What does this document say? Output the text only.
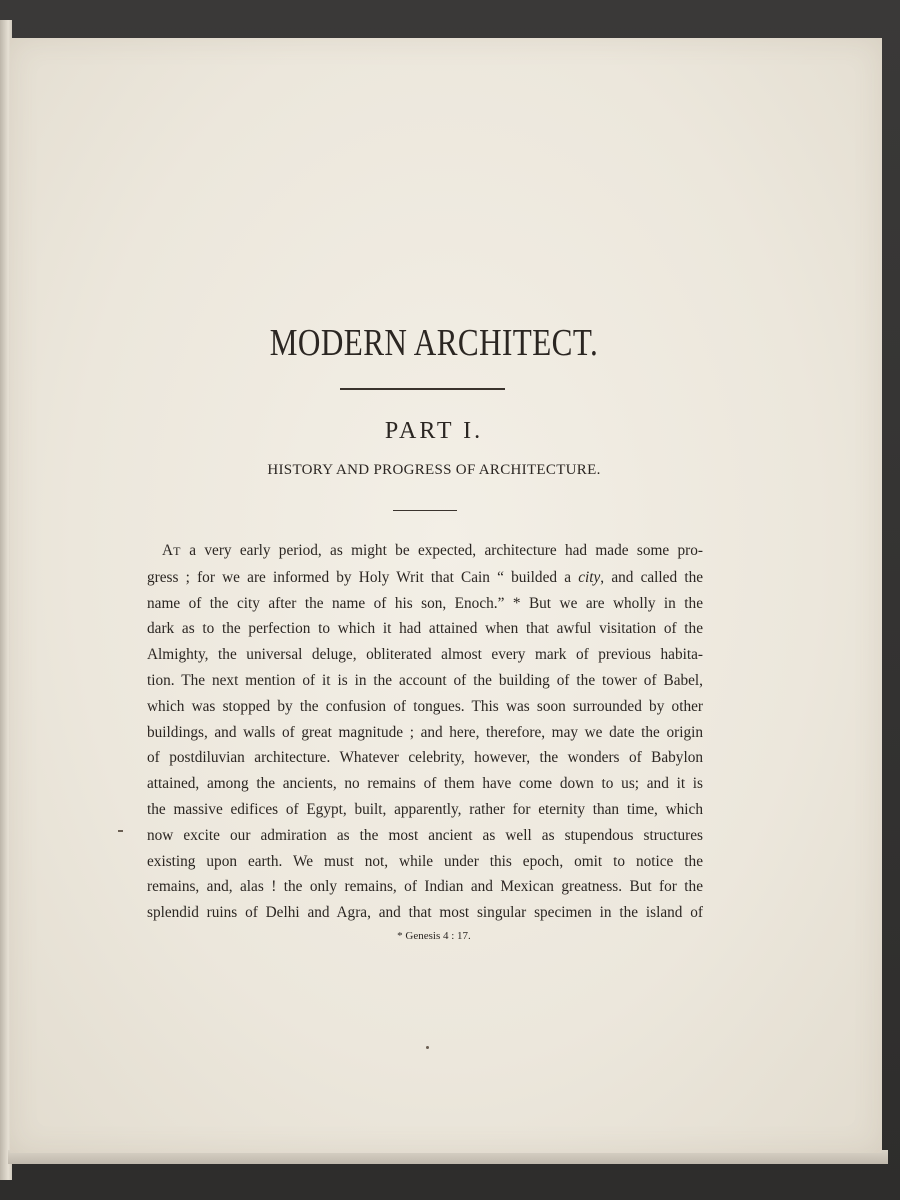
MODERN ARCHITECT.
PART I.
HISTORY AND PROGRESS OF ARCHITECTURE.
AT a very early period, as might be expected, architecture had made some pro-
gress ; for we are informed by Holy Writ that Cain “ builded a city, and called the
name of the city after the name of his son, Enoch.” * But we are wholly in the
dark as to the perfection to which it had attained when that awful visitation of the
Almighty, the universal deluge, obliterated almost every mark of previous habita-
tion. The next mention of it is in the account of the building of the tower of Babel,
which was stopped by the confusion of tongues. This was soon surrounded by other
buildings, and walls of great magnitude ; and here, therefore, may we date the origin
of postdiluvian architecture. Whatever celebrity, however, the wonders of Babylon
attained, among the ancients, no remains of them have come down to us; and it is
the massive edifices of Egypt, built, apparently, rather for eternity than time, which
now excite our admiration as the most ancient as well as stupendous structures
existing upon earth. We must not, while under this epoch, omit to notice the
remains, and, alas ! the only remains, of Indian and Mexican greatness. But for the
splendid ruins of Delhi and Agra, and that most singular specimen in the island of

* Genesis 4 : 17.
